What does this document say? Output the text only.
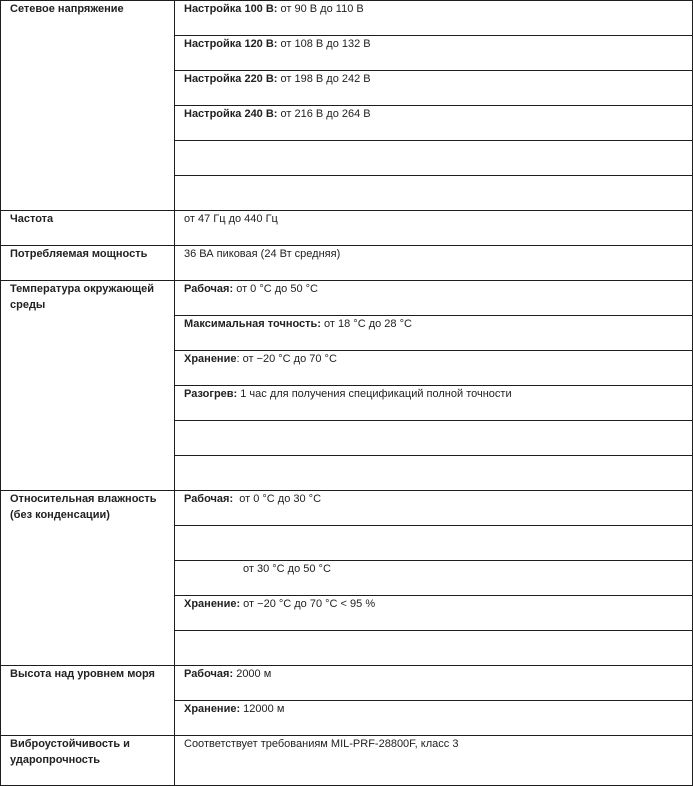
Сетевое напряжение	Настройка 100 В: от 90 В до 110 В
	Настройка 120 В: от 108 В до 132 В
	Настройка 220 В: от 198 В до 242 В
	Настройка 240 В: от 216 В до 264 В

Частота	от 47 Гц до 440 Гц
Потребляемая мощность	36 ВА пиковая (24 Вт средняя)
Температура окружающей среды	Рабочая: от 0 °C до 50 °C
	Максимальная точность: от 18 °C до 28 °C
	Хранение: от −20 °C до 70 °C
	Разогрев: 1 час для получения спецификаций полной точности

Относительная влажность (без конденсации)	Рабочая:  от 0 °C до 30 °C

	от 30 °C до 50 °C
	Хранение: от −20 °C до 70 °C < 95 %

Высота над уровнем моря	Рабочая: 2000 м
	Хранение: 12000 м
Виброустойчивость и ударопрочность	Соответствует требованиям MIL-PRF-28800F, класс 3
